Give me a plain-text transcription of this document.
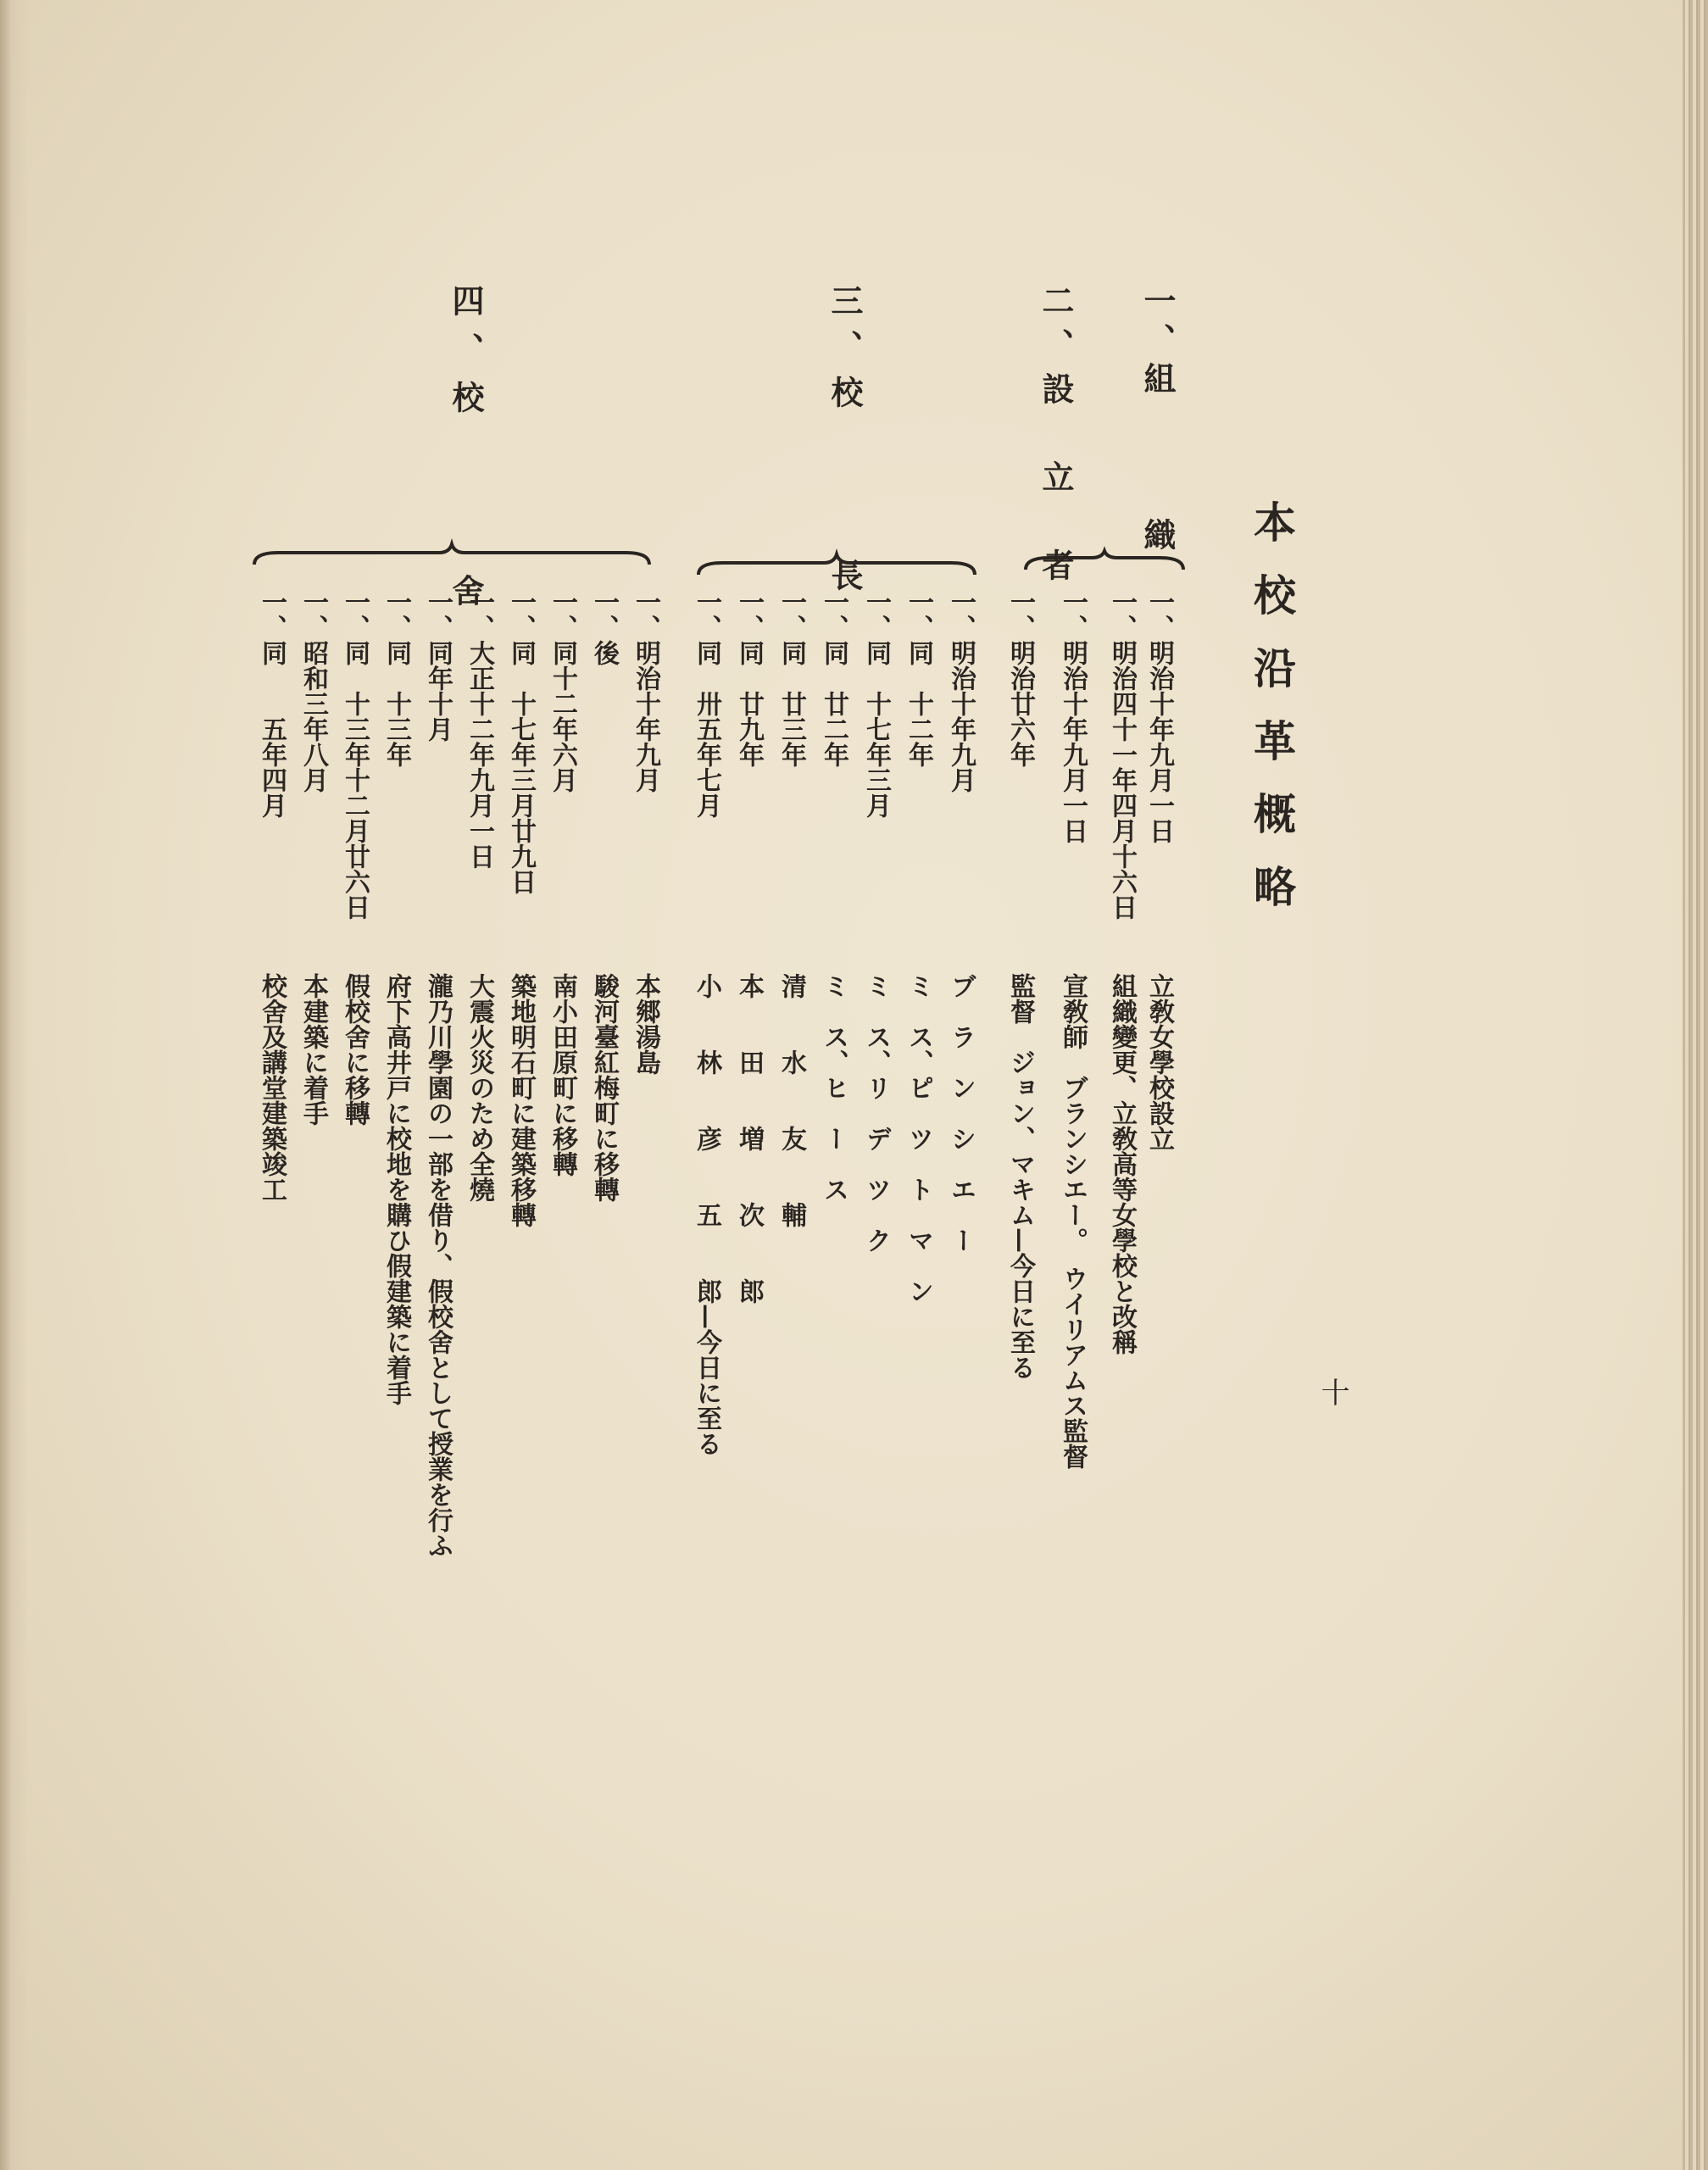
本校沿革概略
十
一、組　　　織
二、設　立　者
三、校　　　長
四、校　　　舍
一、明治十年九月一日
立敎女學校設立
一、明治四十一年四月十六日
組織變更、立敎高等女學校と改稱
一、明治十年九月一日
宣敎師　ブランシエー。　ウイリアムス監督
一、明治廿六年
監督　ジョン、マキム—今日に至る
一、明治十年九月
ブ　ラ　ン　シ　エ　ー
一、同　十二年
ミ　ス、ピ　ツ　ト　マ　ン
一、同　十七年三月
ミ　ス、リ　デ　ツ　ク
一、同　廿二年
ミ　ス、ヒ　ー　ス
一、同　廿三年
清　　水　　友　　輔
一、同　廿九年
本　　田　　増　　次　　郎
一、同　卅五年七月
小　　林　　彦　　五　　郎—今日に至る
一、明治十年九月
本郷湯島
一、後
駿河臺紅梅町に移轉
一、同十二年六月
南小田原町に移轉
一、同　十七年三月廿九日
築地明石町に建築移轉
一、大正十二年九月一日
大震火災のため全燒
一、同年十月
瀧乃川學園の一部を借り、假校舍として授業を行ふ
一、同　十三年
府下高井戸に校地を購ひ假建築に着手
一、同　十三年十二月廿六日
假校舍に移轉
一、昭和三年八月
本建築に着手
一、同　　五年四月
校舍及講堂建築竣工
